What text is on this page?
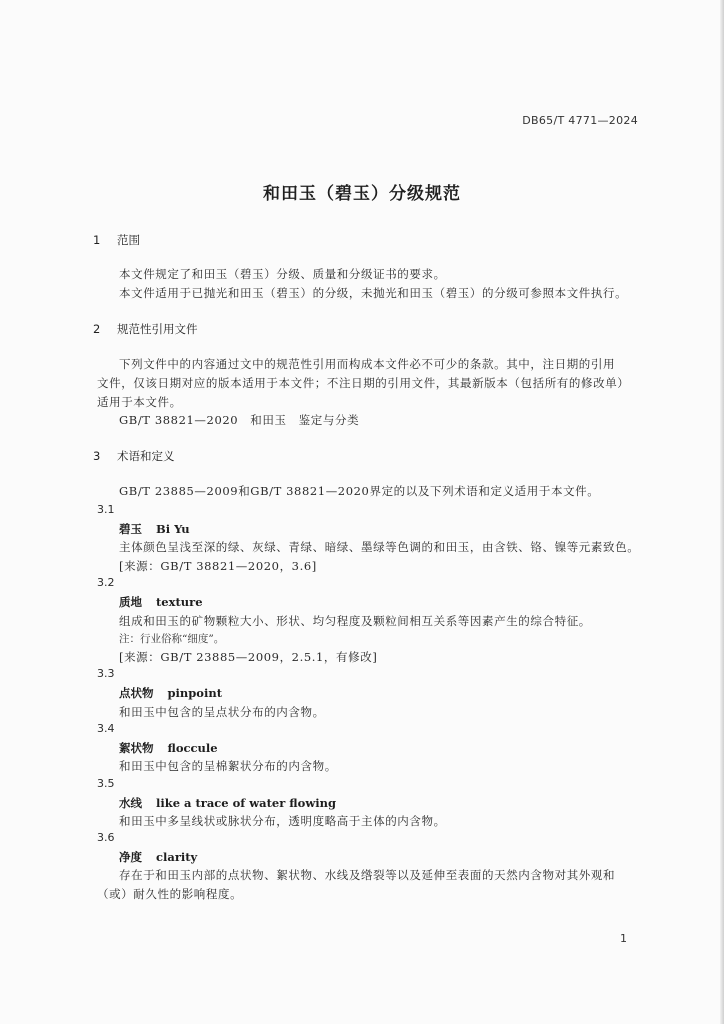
DB65/T 4771—2024
和田玉（碧玉）分级规范
1 范围
本文件规定了和田玉（碧玉）分级、质量和分级证书的要求。
本文件适用于已抛光和田玉（碧玉）的分级，未抛光和田玉（碧玉）的分级可参照本文件执行。
2 规范性引用文件
下列文件中的内容通过文中的规范性引用而构成本文件必不可少的条款。其中，注日期的引用文件，仅该日期对应的版本适用于本文件；不注日期的引用文件，其最新版本（包括所有的修改单）适用于本文件。
GB/T 38821—2020　和田玉　鉴定与分类
3 术语和定义
GB/T 23885—2009和GB/T 38821—2020界定的以及下列术语和定义适用于本文件。
3.1
碧玉 Bi Yu
主体颜色呈浅至深的绿、灰绿、青绿、暗绿、墨绿等色调的和田玉，由含铁、铬、镍等元素致色。
[来源：GB/T 38821—2020，3.6]
3.2
质地 texture
组成和田玉的矿物颗粒大小、形状、均匀程度及颗粒间相互关系等因素产生的综合特征。
注：行业俗称“细度”。
[来源：GB/T 23885—2009，2.5.1，有修改]
3.3
点状物 pinpoint
和田玉中包含的呈点状分布的内含物。
3.4
絮状物 floccule
和田玉中包含的呈棉絮状分布的内含物。
3.5
水线 like a trace of water flowing
和田玉中多呈线状或脉状分布，透明度略高于主体的内含物。
3.6
净度 clarity
存在于和田玉内部的点状物、絮状物、水线及绺裂等以及延伸至表面的天然内含物对其外观和（或）耐久性的影响程度。
1
